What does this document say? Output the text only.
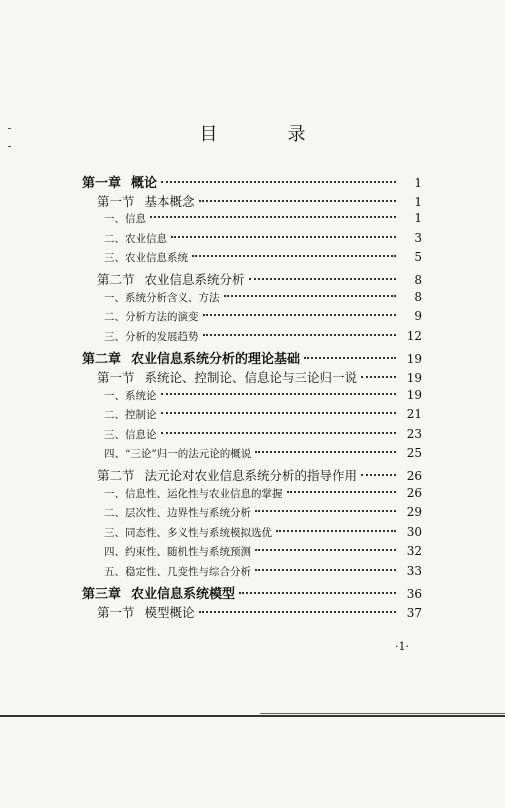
目　录
第一章 概论	1
第一节 基本概念	1
一、信息	1
二、农业信息	3
三、农业信息系统	5
第二节 农业信息系统分析	8
一、系统分析含义、方法	8
二、分析方法的演变	9
三、分析的发展趋势	12
第二章 农业信息系统分析的理论基础	19
第一节 系统论、控制论、信息论与三论归一说	19
一、系统论	19
二、控制论	21
三、信息论	23
四、“三论”归一的法元论的概说	25
第二节 法元论对农业信息系统分析的指导作用	26
一、信息性、运化性与农业信息的掌握	26
二、层次性、边界性与系统分析	29
三、同态性、多义性与系统模拟选优	30
四、约束性、随机性与系统预测	32
五、稳定性、几变性与综合分析	33
第三章 农业信息系统模型	36
第一节 模型概论	37
·1·
